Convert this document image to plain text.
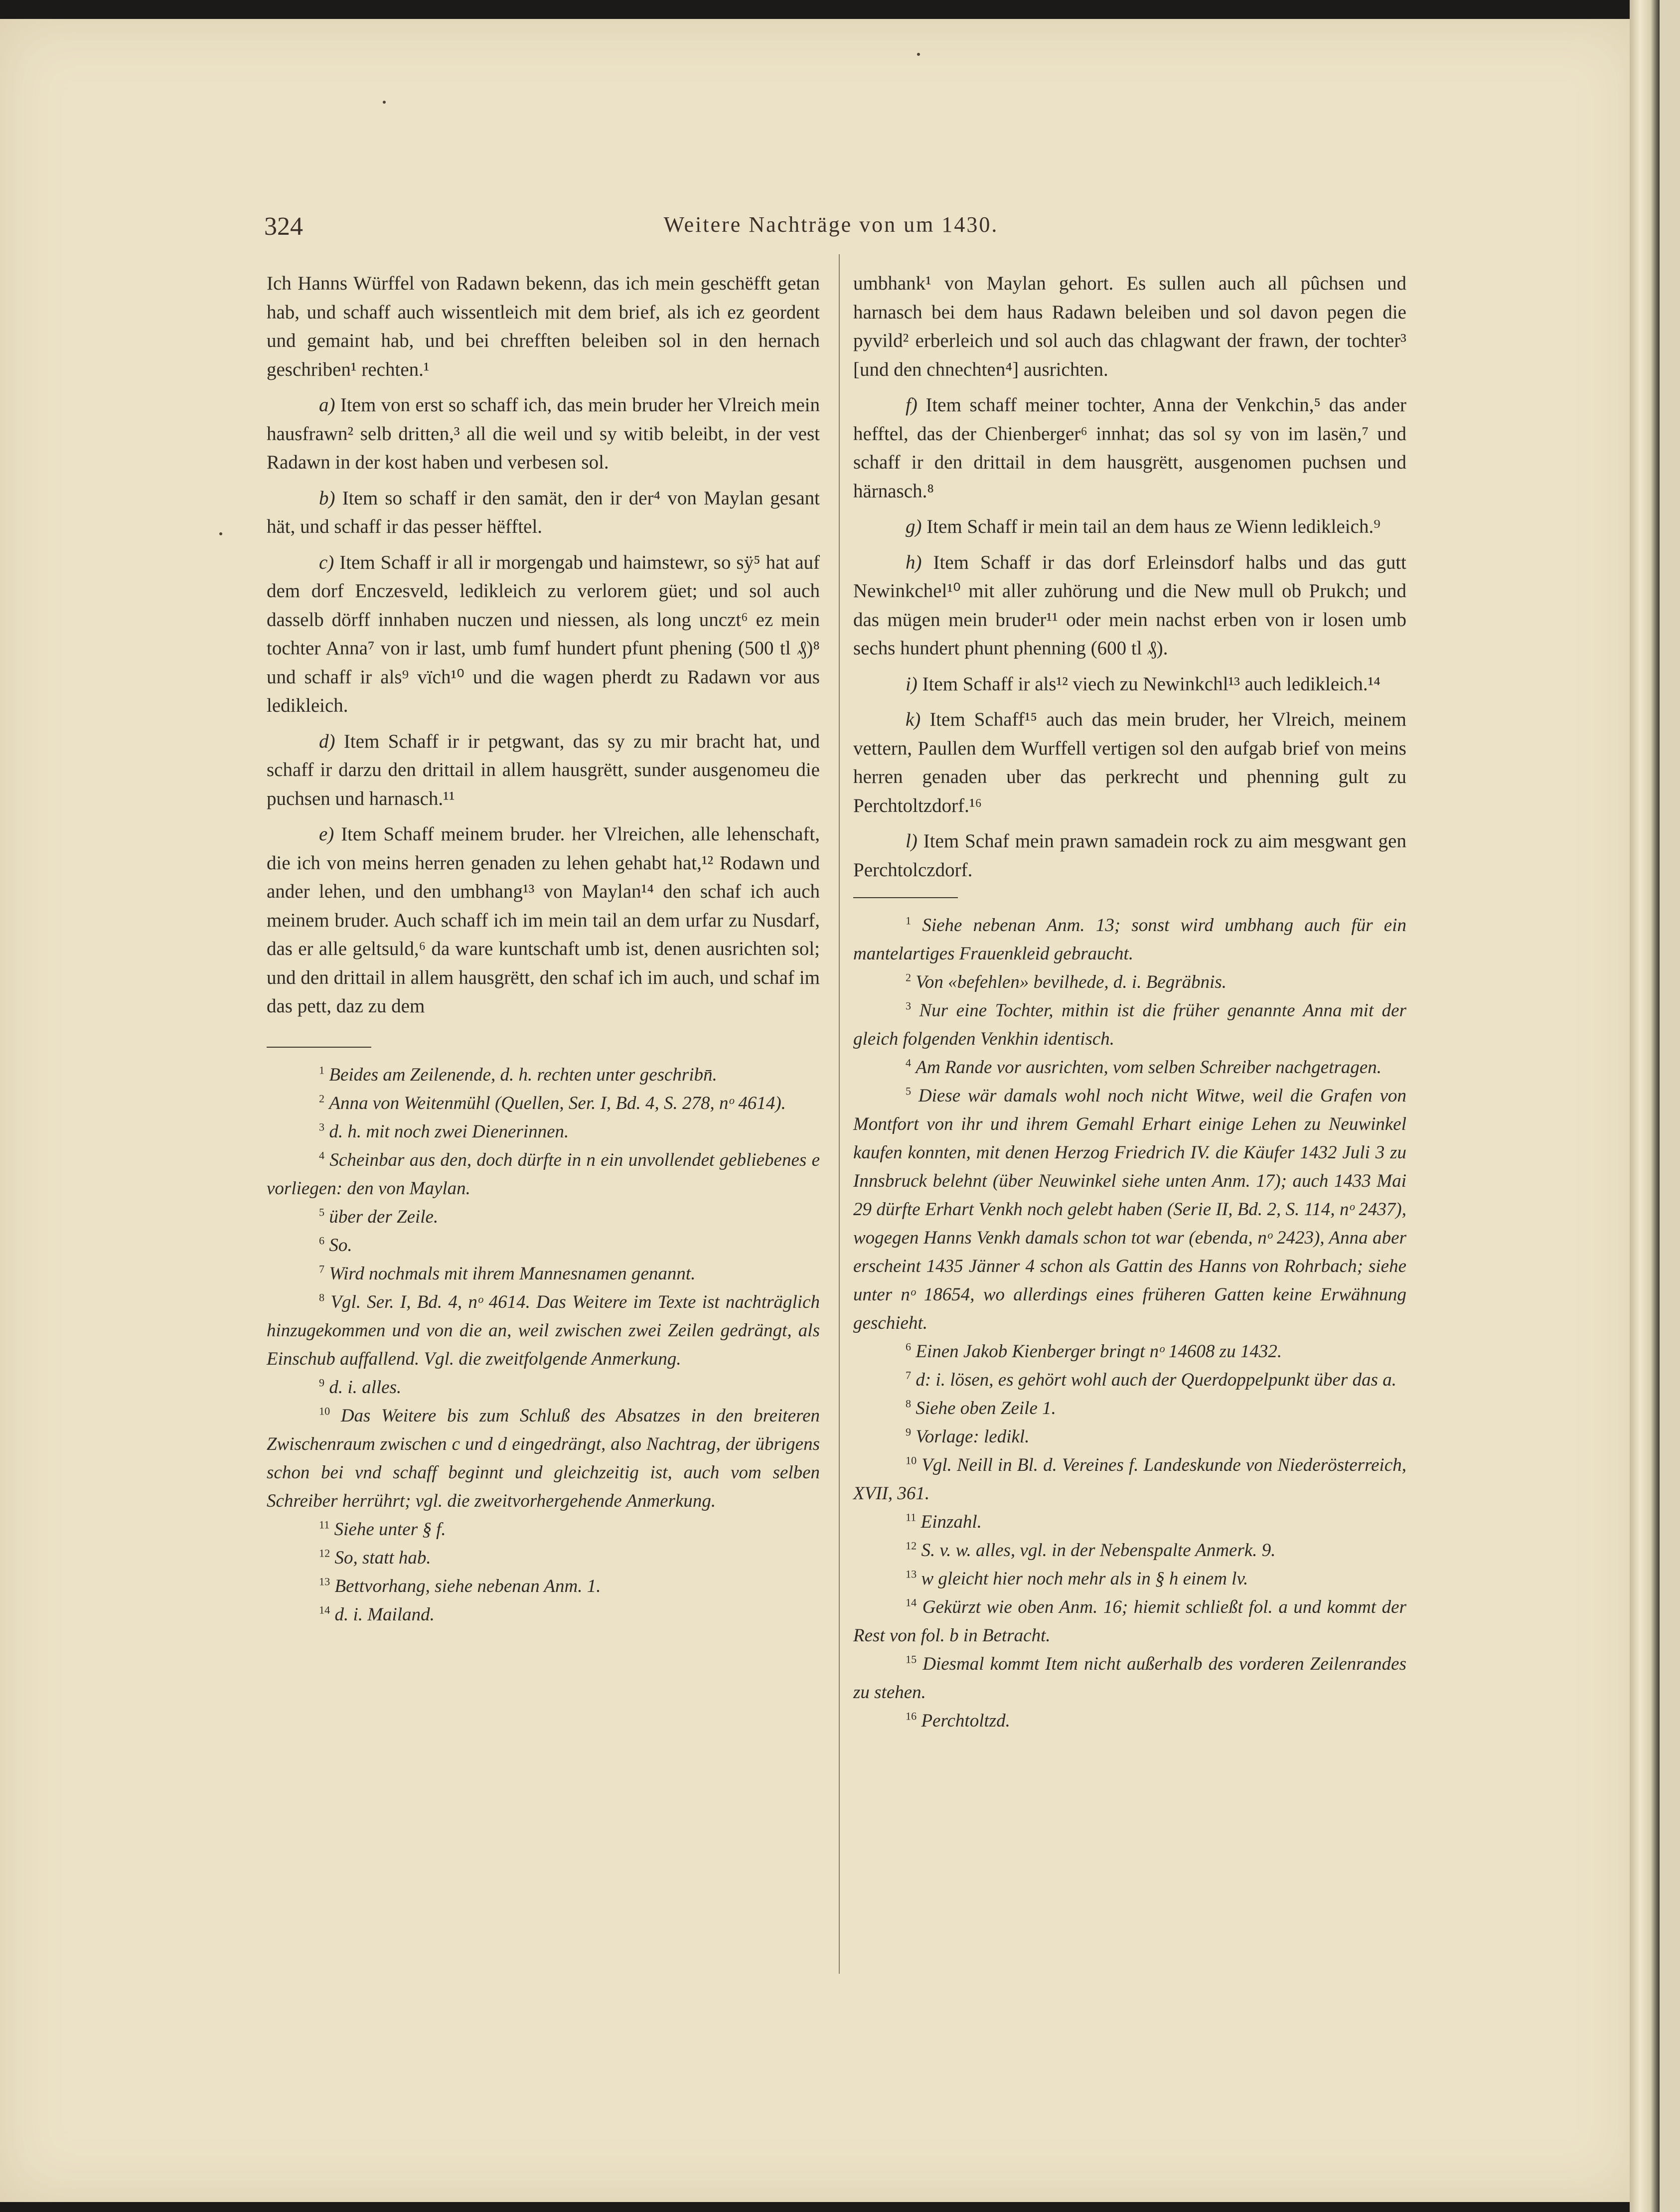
324	Weitere Nachträge von um 1430.

Ich Hanns Würffel von Radawn bekenn, das ich mein geschëfft getan hab, und schaff auch wissentleich mit dem brief, als ich ez geordent und gemaint hab, und bei chrefften beleiben sol in den hernach geschriben¹ rechten.¹

a) Item von erst so schaff ich, das mein bruder her Vlreich mein hausfrawn² selb dritten,³ all die weil und sy witib beleibt, in der vest Radawn in der kost haben und verbesen sol.

b) Item so schaff ir den samät, den ir der⁴ von Maylan gesant hät, und schaff ir das pesser hëfftel.

c) Item Schaff ir all ir morgengab und haimstewr, so sÿ⁵ hat auf dem dorf Enczesveld, ledikleich zu verlorem güet; und sol auch dasselb dörff innhaben nuczen und niessen, als long unczt⁶ ez mein tochter Anna⁷ von ir last, umb fumf hundert pfunt phening (500 tl ₰)⁸ und schaff ir als⁹ vïch¹⁰ und die wagen pherdt zu Radawn vor aus ledikleich.

d) Item Schaff ir ir petgwant, das sy zu mir bracht hat, und schaff ir darzu den drittail in allem hausgrëtt, sunder ausgenomeu die puchsen und harnasch.¹¹

e) Item Schaff meinem bruder. her Vlreichen, alle lehenschaft, die ich von meins herren genaden zu lehen gehabt hat,¹² Rodawn und ander lehen, und den umbhang¹³ von Maylan¹⁴ den schaf ich auch meinem bruder. Auch schaff ich im mein tail an dem urfar zu Nusdarf, das er alle geltsuld,⁶ da ware kuntschaft umb ist, denen ausrichten sol; und den drittail in allem hausgrëtt, den schaf ich im auch, und schaf im das pett, daz zu dem

$^1$ Beides am Zeilenende, d. h. rechten unter geschribn̄.

$^2$ Anna von Weitenmühl (Quellen, Ser. I, Bd. 4, S. 278, nᵒ 4614).

$^3$ d. h. mit noch zwei Dienerinnen.

$^4$ Scheinbar aus den, doch dürfte in n ein unvollendet gebliebenes e vorliegen: den von Maylan.

$^5$ über der Zeile.

$^6$ So.

$^7$ Wird nochmals mit ihrem Mannesnamen genannt.

$^8$ Vgl. Ser. I, Bd. 4, nᵒ 4614. Das Weitere im Texte ist nachträglich hinzugekommen und von die an, weil zwischen zwei Zeilen gedrängt, als Einschub auffallend. Vgl. die zweitfolgende Anmerkung.

$^9$ d. i. alles.

$^{10}$ Das Weitere bis zum Schluß des Absatzes in den breiteren Zwischenraum zwischen c und d eingedrängt, also Nachtrag, der übrigens schon bei vnd schaff beginnt und gleichzeitig ist, auch vom selben Schreiber herrührt; vgl. die zweitvorhergehende Anmerkung.

$^{11}$ Siehe unter § f.

$^{12}$ So, statt hab.

$^{13}$ Bettvorhang, siehe nebenan Anm. 1.

$^{14}$ d. i. Mailand.

umbhank¹ von Maylan gehort. Es sullen auch all pûchsen und harnasch bei dem haus Radawn beleiben und sol davon pegen die pyvild² erberleich und sol auch das chlagwant der frawn, der tochter³ [und den chnechten⁴] ausrichten.

f) Item schaff meiner tochter, Anna der Venkchin,⁵ das ander hefftel, das der Chienberger⁶ innhat; das sol sy von im lasën,⁷ und schaff ir den drittail in dem hausgrëtt, ausgenomen puchsen und härnasch.⁸

g) Item Schaff ir mein tail an dem haus ze Wienn ledikleich.⁹

h) Item Schaff ir das dorf Erleinsdorf halbs und das gutt Newinkchel¹⁰ mit aller zuhörung und die New mull ob Prukch; und das mügen mein bruder¹¹ oder mein nachst erben von ir losen umb sechs hundert phunt phenning (600 tl ₰).

i) Item Schaff ir als¹² viech zu Newinkchl¹³ auch ledikleich.¹⁴

k) Item Schaff¹⁵ auch das mein bruder, her Vlreich, meinem vettern, Paullen dem Wurffell vertigen sol den aufgab brief von meins herren genaden uber das perkrecht und phenning gult zu Perchtoltzdorf.¹⁶

l) Item Schaf mein prawn samadein rock zu aim mesgwant gen Perchtolczdorf.

$^1$ Siehe nebenan Anm. 13; sonst wird umbhang auch für ein mantelartiges Frauenkleid gebraucht.

$^2$ Von «befehlen» bevilhede, d. i. Begräbnis.

$^3$ Nur eine Tochter, mithin ist die früher genannte Anna mit der gleich folgenden Venkhin identisch.

$^4$ Am Rande vor ausrichten, vom selben Schreiber nachgetragen.

$^5$ Diese wär damals wohl noch nicht Witwe, weil die Grafen von Montfort von ihr und ihrem Gemahl Erhart einige Lehen zu Neuwinkel kaufen konnten, mit denen Herzog Friedrich IV. die Käufer 1432 Juli 3 zu Innsbruck belehnt (über Neuwinkel siehe unten Anm. 17); auch 1433 Mai 29 dürfte Erhart Venkh noch gelebt haben (Serie II, Bd. 2, S. 114, nᵒ 2437), wogegen Hanns Venkh damals schon tot war (ebenda, nᵒ 2423), Anna aber erscheint 1435 Jänner 4 schon als Gattin des Hanns von Rohrbach; siehe unter nᵒ 18654, wo allerdings eines früheren Gatten keine Erwähnung geschieht.

$^6$ Einen Jakob Kienberger bringt nᵒ 14608 zu 1432.

$^7$ d: i. lösen, es gehört wohl auch der Querdoppelpunkt über das a.

$^8$ Siehe oben Zeile 1.

$^9$ Vorlage: ledikl.

$^{10}$ Vgl. Neill in Bl. d. Vereines f. Landeskunde von Niederösterreich, XVII, 361.

$^{11}$ Einzahl.

$^{12}$ S. v. w. alles, vgl. in der Nebenspalte Anmerk. 9.

$^{13}$ w gleicht hier noch mehr als in § h einem lv.

$^{14}$ Gekürzt wie oben Anm. 16; hiemit schließt fol. a und kommt der Rest von fol. b in Betracht.

$^{15}$ Diesmal kommt Item nicht außerhalb des vorderen Zeilenrandes zu stehen.

$^{16}$ Perchtoltzd.
